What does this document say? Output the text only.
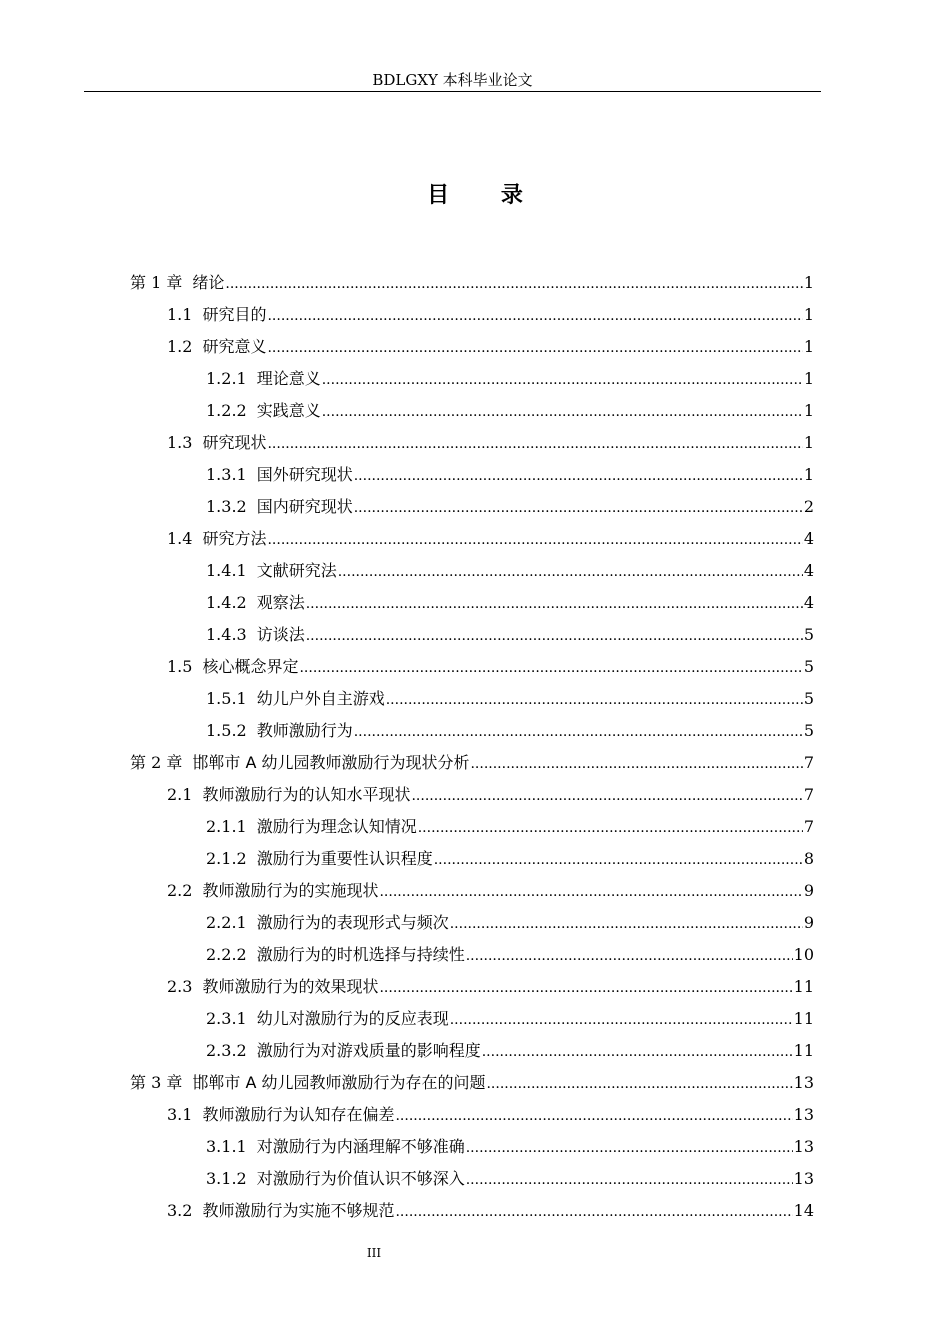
BDLGXY 本科毕业论文
目 录
第 1 章 绪论 .....	1
1.1 研究目的 .....	1
1.2 研究意义 .....	1
1.2.1 理论意义 .....	1
1.2.2 实践意义 .....	1
1.3 研究现状 .....	1
1.3.1 国外研究现状 .....	1
1.3.2 国内研究现状 .....	2
1.4 研究方法 .....	4
1.4.1 文献研究法 .....	4
1.4.2 观察法 .....	4
1.4.3 访谈法 .....	5
1.5 核心概念界定 .....	5
1.5.1 幼儿户外自主游戏 .....	5
1.5.2 教师激励行为 .....	5
第 2 章 邯郸市 A 幼儿园教师激励行为现状分析 .....	7
2.1 教师激励行为的认知水平现状 .....	7
2.1.1 激励行为理念认知情况 .....	7
2.1.2 激励行为重要性认识程度 .....	8
2.2 教师激励行为的实施现状 .....	9
2.2.1 激励行为的表现形式与频次 .....	9
2.2.2 激励行为的时机选择与持续性 .....	10
2.3 教师激励行为的效果现状 .....	11
2.3.1 幼儿对激励行为的反应表现 .....	11
2.3.2 激励行为对游戏质量的影响程度 .....	11
第 3 章 邯郸市 A 幼儿园教师激励行为存在的问题 .....	13
3.1 教师激励行为认知存在偏差 .....	13
3.1.1 对激励行为内涵理解不够准确 .....	13
3.1.2 对激励行为价值认识不够深入 .....	13
3.2 教师激励行为实施不够规范 .....	14
III
